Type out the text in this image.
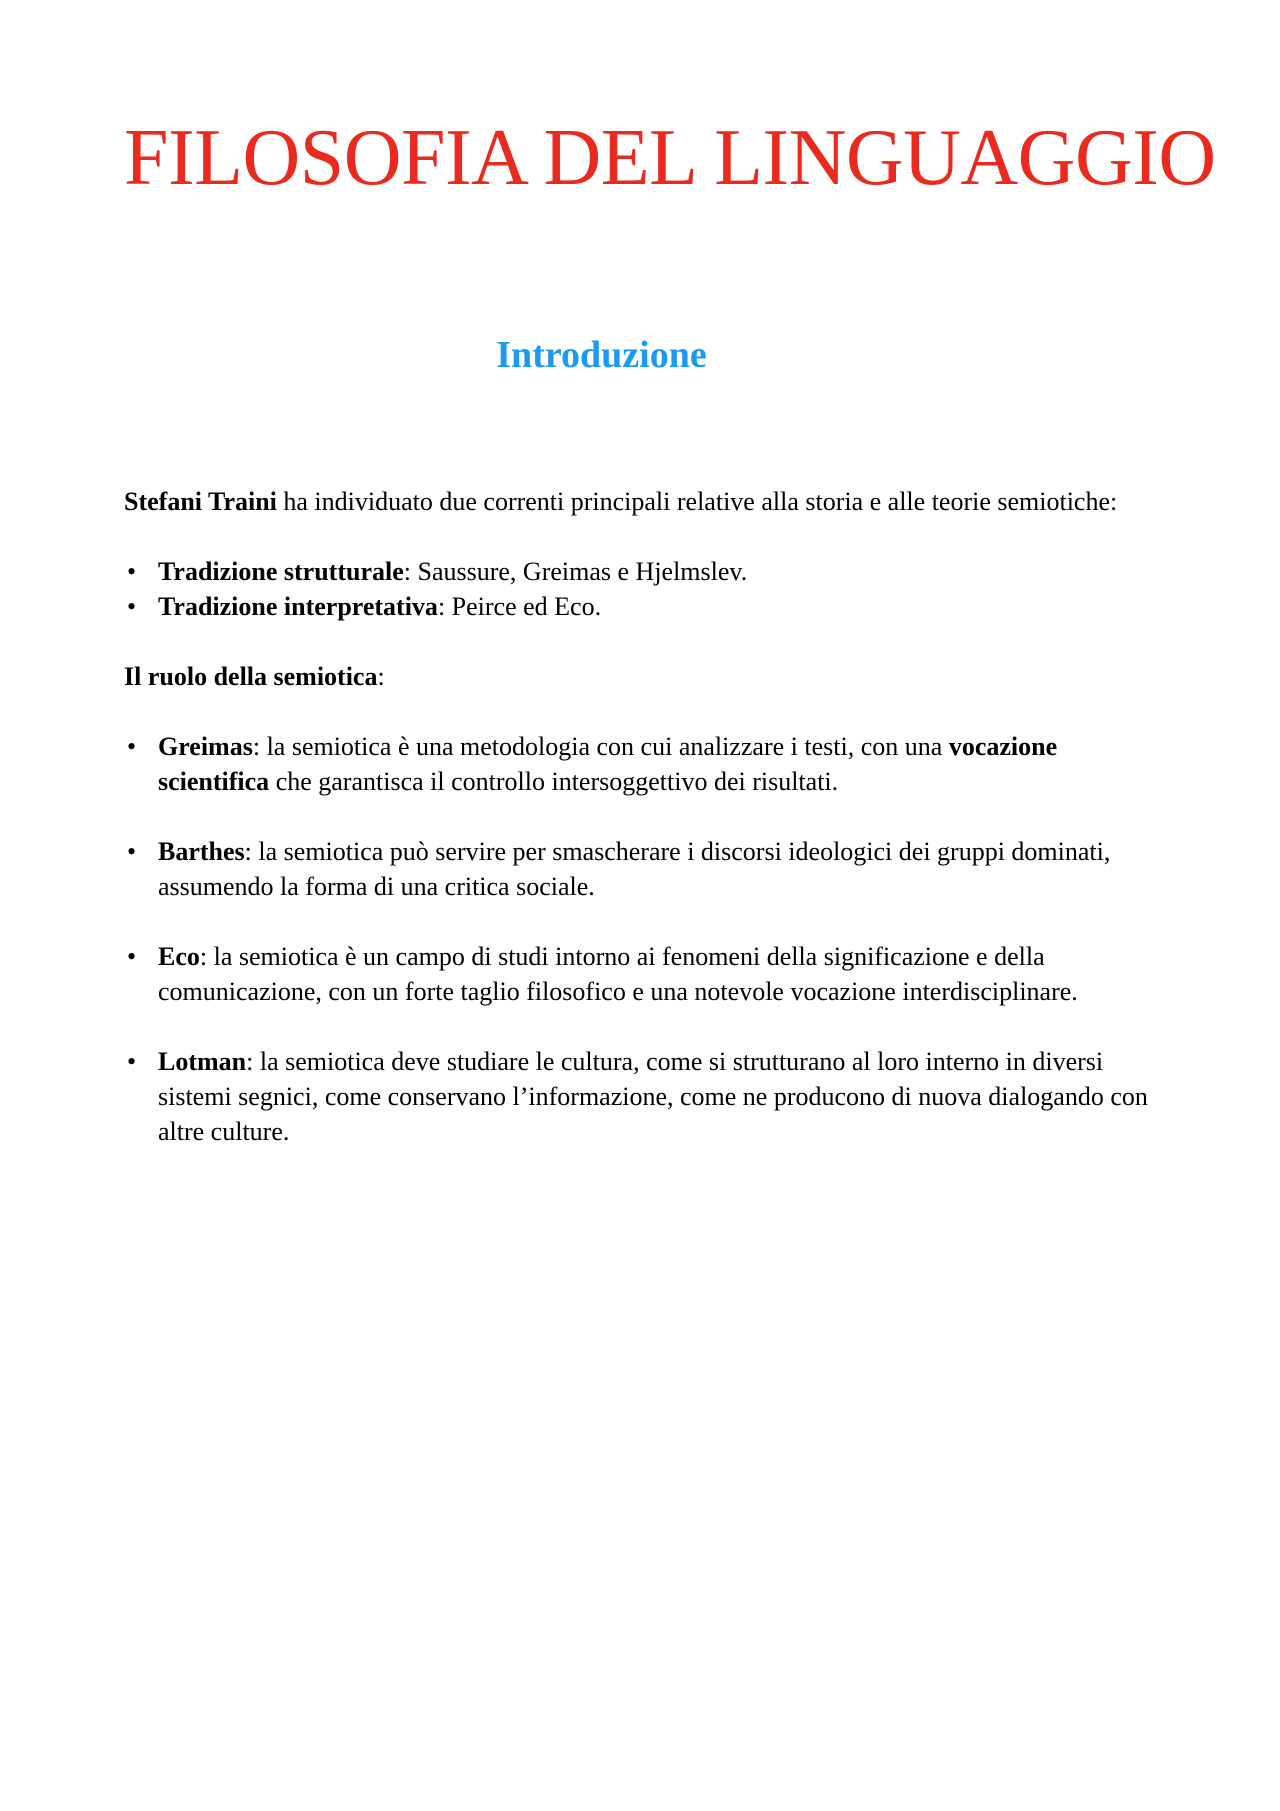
FILOSOFIA DEL LINGUAGGIO
Introduzione

Stefani Traini ha individuato due correnti principali relative alla storia e alle teorie semiotiche:

• Tradizione strutturale: Saussure, Greimas e Hjelmslev.
• Tradizione interpretativa: Peirce ed Eco.

Il ruolo della semiotica:

• Greimas: la semiotica è una metodologia con cui analizzare i testi, con una vocazione scientifica che garantisca il controllo intersoggettivo dei risultati.
• Barthes: la semiotica può servire per smascherare i discorsi ideologici dei gruppi dominati, assumendo la forma di una critica sociale.
• Eco: la semiotica è un campo di studi intorno ai fenomeni della significazione e della comunicazione, con un forte taglio filosofico e una notevole vocazione interdisciplinare.
• Lotman: la semiotica deve studiare le cultura, come si strutturano al loro interno in diversi sistemi segnici, come conservano l’informazione, come ne producono di nuova dialogando con altre culture.
